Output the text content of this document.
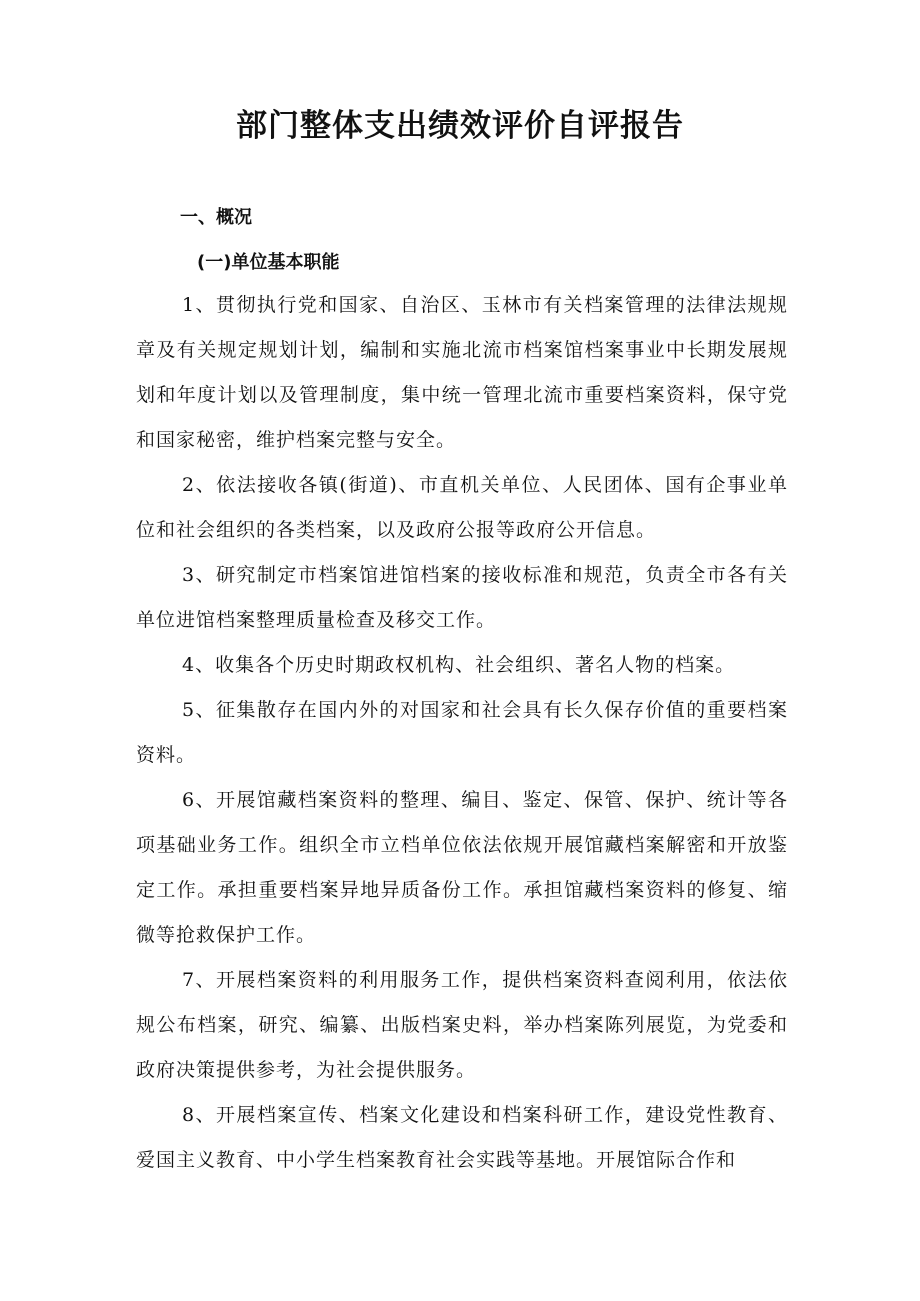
部门整体支出绩效评价自评报告
一、概况
(一)单位基本职能
1、贯彻执行党和国家、自治区、玉林市有关档案管理的法律法规规章及有关规定规划计划，编制和实施北流市档案馆档案事业中长期发展规划和年度计划以及管理制度，集中统一管理北流市重要档案资料，保守党和国家秘密，维护档案完整与安全。
2、依法接收各镇(街道)、市直机关单位、人民团体、国有企事业单位和社会组织的各类档案，以及政府公报等政府公开信息。
3、研究制定市档案馆进馆档案的接收标准和规范，负责全市各有关单位进馆档案整理质量检查及移交工作。
4、收集各个历史时期政权机构、社会组织、著名人物的档案。
5、征集散存在国内外的对国家和社会具有长久保存价值的重要档案资料。
6、开展馆藏档案资料的整理、编目、鉴定、保管、保护、统计等各项基础业务工作。组织全市立档单位依法依规开展馆藏档案解密和开放鉴定工作。承担重要档案异地异质备份工作。承担馆藏档案资料的修复、缩微等抢救保护工作。
7、开展档案资料的利用服务工作，提供档案资料查阅利用，依法依规公布档案，研究、编纂、出版档案史料，举办档案陈列展览，为党委和政府决策提供参考，为社会提供服务。
8、开展档案宣传、档案文化建设和档案科研工作，建设党性教育、爱国主义教育、中小学生档案教育社会实践等基地。开展馆际合作和
